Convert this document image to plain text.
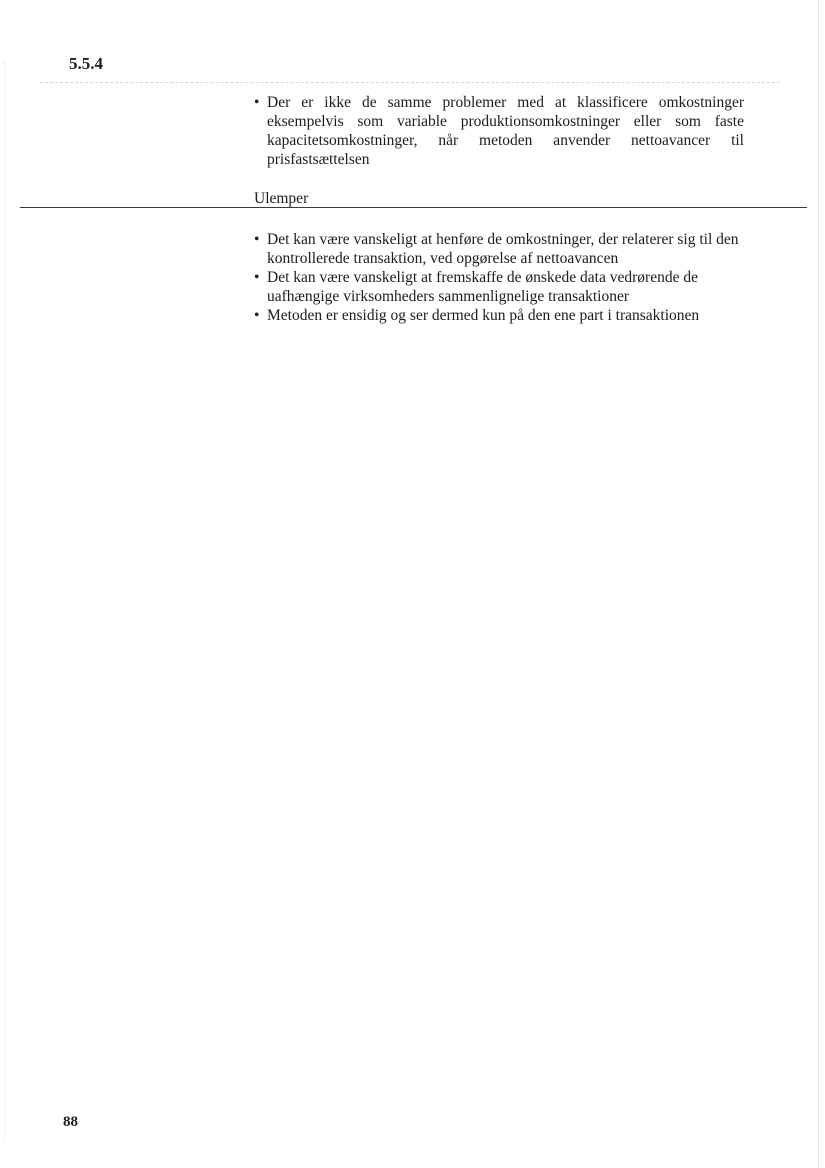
5.5.4
• Der er ikke de samme problemer med at klassificere omkostninger eksempelvis som variable produktionsomkostninger eller som faste kapacitetsomkostninger, når metoden anvender nettoavancer til prisfastsættelsen
Ulemper
• Det kan være vanskeligt at henføre de omkostninger, der relaterer sig til den kontrollerede transaktion, ved opgørelse af nettoavancen
• Det kan være vanskeligt at fremskaffe de ønskede data vedrørende de uafhængige virksomheders sammenlignelige transaktioner
• Metoden er ensidig og ser dermed kun på den ene part i transaktionen
88
